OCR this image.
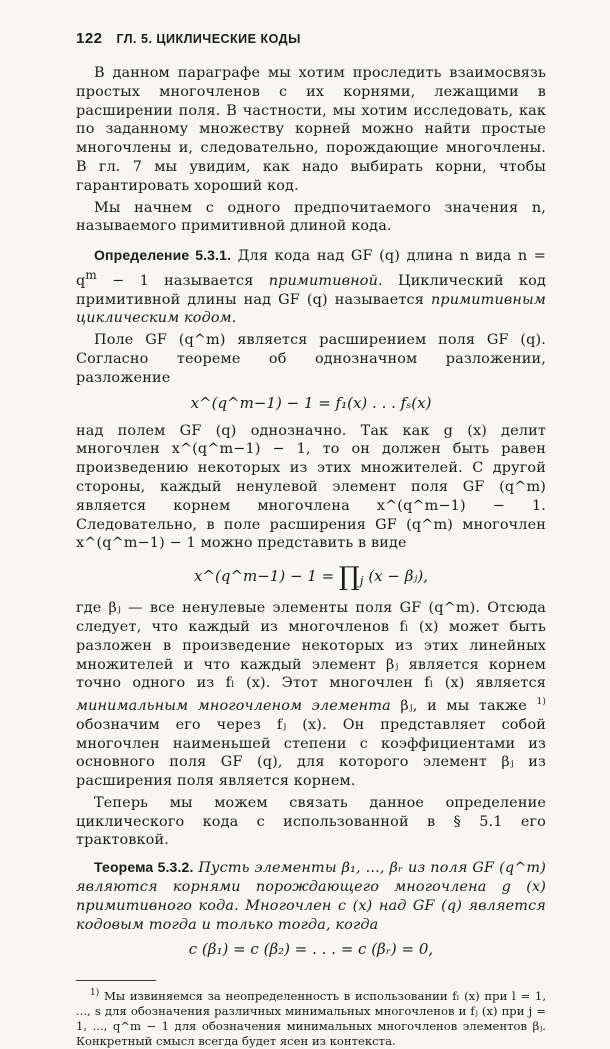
122 ГЛ. 5. ЦИКЛИЧЕСКИЕ КОДЫ

В данном параграфе мы хотим проследить взаимосвязь простых многочленов с их корнями, лежащими в расширении поля. В частности, мы хотим исследовать, как по заданному множеству корней можно найти простые многочлены и, следовательно, порождающие многочлены. В гл. 7 мы увидим, как надо выбирать корни, чтобы гарантировать хороший код.

Мы начнем с одного предпочитаемого значения n, называемого примитивной длиной кода.

Определение 5.3.1. Для кода над GF (q) длина n вида $n = q^m - 1$ называется примитивной. Циклический код примитивной длины над GF (q) называется примитивным циклическим кодом.

Поле GF (q^m) является расширением поля GF (q). Согласно теореме об однозначном разложении, разложение

x^(q^m−1) − 1 = f₁(x) . . . fₛ(x)

над полем GF (q) однозначно. Так как g (x) делит многочлен x^(q^m−1) − 1, то он должен быть равен произведению некоторых из этих множителей. С другой стороны, каждый ненулевой элемент поля GF (q^m) является корнем многочлена x^(q^m−1) − 1. Следовательно, в поле расширения GF (q^m) многочлен x^(q^m−1) − 1 можно представить в виде

x^(q^m−1) − $1 = \prod_j$ (x − βⱼ),

где βⱼ — все ненулевые элементы поля GF (q^m). Отсюда следует, что каждый из многочленов fₗ (x) может быть разложен в произведение некоторых из этих линейных множителей и что каждый элемент βⱼ является корнем точно одного из fₗ (x). Этот многочлен fₗ (x) является минимальным многочленом элемента βⱼ, и мы также $^{1)}$ обозначим его через fⱼ (x). Он представляет собой многочлен наименьшей степени с коэффициентами из основного поля GF (q), для которого элемент βⱼ из расширения поля является корнем.

Теперь мы можем связать данное определение циклического кода с использованной в § 5.1 его трактовкой.

Теорема 5.3.2. Пусть элементы β₁, ..., βᵣ из поля GF (q^m) являются корнями порождающего многочлена g (x) примитивного кода. Многочлен c (x) над GF (q) является кодовым тогда и только тогда, когда

c (β₁) = c (β₂) = . . . = c (βᵣ) = 0,
$^{1)}$ Мы извиняемся за неопределенность в использовании fₗ (x) при l = 1, ..., s для обозначения различных минимальных многочленов и fⱼ (x) при j = 1, ..., q^m − 1 для обозначения минимальных многочленов элементов βⱼ. Конкретный смысл всегда будет ясен из контекста.
